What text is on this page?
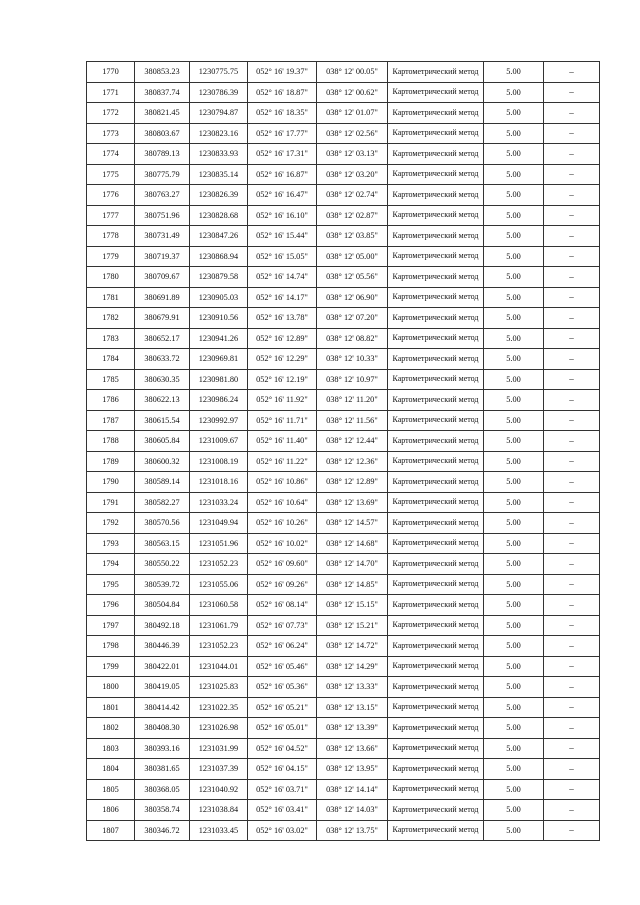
1770	380853.23	1230775.75	052° 16' 19.37"	038° 12' 00.05"	Картометрический метод	5.00	–
1771	380837.74	1230786.39	052° 16' 18.87"	038° 12' 00.62"	Картометрический метод	5.00	–
1772	380821.45	1230794.87	052° 16' 18.35"	038° 12' 01.07"	Картометрический метод	5.00	–
1773	380803.67	1230823.16	052° 16' 17.77"	038° 12' 02.56"	Картометрический метод	5.00	–
1774	380789.13	1230833.93	052° 16' 17.31"	038° 12' 03.13"	Картометрический метод	5.00	–
1775	380775.79	1230835.14	052° 16' 16.87"	038° 12' 03.20"	Картометрический метод	5.00	–
1776	380763.27	1230826.39	052° 16' 16.47"	038° 12' 02.74"	Картометрический метод	5.00	–
1777	380751.96	1230828.68	052° 16' 16.10"	038° 12' 02.87"	Картометрический метод	5.00	–
1778	380731.49	1230847.26	052° 16' 15.44"	038° 12' 03.85"	Картометрический метод	5.00	–
1779	380719.37	1230868.94	052° 16' 15.05"	038° 12' 05.00"	Картометрический метод	5.00	–
1780	380709.67	1230879.58	052° 16' 14.74"	038° 12' 05.56"	Картометрический метод	5.00	–
1781	380691.89	1230905.03	052° 16' 14.17"	038° 12' 06.90"	Картометрический метод	5.00	–
1782	380679.91	1230910.56	052° 16' 13.78"	038° 12' 07.20"	Картометрический метод	5.00	–
1783	380652.17	1230941.26	052° 16' 12.89"	038° 12' 08.82"	Картометрический метод	5.00	–
1784	380633.72	1230969.81	052° 16' 12.29"	038° 12' 10.33"	Картометрический метод	5.00	–
1785	380630.35	1230981.80	052° 16' 12.19"	038° 12' 10.97"	Картометрический метод	5.00	–
1786	380622.13	1230986.24	052° 16' 11.92"	038° 12' 11.20"	Картометрический метод	5.00	–
1787	380615.54	1230992.97	052° 16' 11.71"	038° 12' 11.56"	Картометрический метод	5.00	–
1788	380605.84	1231009.67	052° 16' 11.40"	038° 12' 12.44"	Картометрический метод	5.00	–
1789	380600.32	1231008.19	052° 16' 11.22"	038° 12' 12.36"	Картометрический метод	5.00	–
1790	380589.14	1231018.16	052° 16' 10.86"	038° 12' 12.89"	Картометрический метод	5.00	–
1791	380582.27	1231033.24	052° 16' 10.64"	038° 12' 13.69"	Картометрический метод	5.00	–
1792	380570.56	1231049.94	052° 16' 10.26"	038° 12' 14.57"	Картометрический метод	5.00	–
1793	380563.15	1231051.96	052° 16' 10.02"	038° 12' 14.68"	Картометрический метод	5.00	–
1794	380550.22	1231052.23	052° 16' 09.60"	038° 12' 14.70"	Картометрический метод	5.00	–
1795	380539.72	1231055.06	052° 16' 09.26"	038° 12' 14.85"	Картометрический метод	5.00	–
1796	380504.84	1231060.58	052° 16' 08.14"	038° 12' 15.15"	Картометрический метод	5.00	–
1797	380492.18	1231061.79	052° 16' 07.73"	038° 12' 15.21"	Картометрический метод	5.00	–
1798	380446.39	1231052.23	052° 16' 06.24"	038° 12' 14.72"	Картометрический метод	5.00	–
1799	380422.01	1231044.01	052° 16' 05.46"	038° 12' 14.29"	Картометрический метод	5.00	–
1800	380419.05	1231025.83	052° 16' 05.36"	038° 12' 13.33"	Картометрический метод	5.00	–
1801	380414.42	1231022.35	052° 16' 05.21"	038° 12' 13.15"	Картометрический метод	5.00	–
1802	380408.30	1231026.98	052° 16' 05.01"	038° 12' 13.39"	Картометрический метод	5.00	–
1803	380393.16	1231031.99	052° 16' 04.52"	038° 12' 13.66"	Картометрический метод	5.00	–
1804	380381.65	1231037.39	052° 16' 04.15"	038° 12' 13.95"	Картометрический метод	5.00	–
1805	380368.05	1231040.92	052° 16' 03.71"	038° 12' 14.14"	Картометрический метод	5.00	–
1806	380358.74	1231038.84	052° 16' 03.41"	038° 12' 14.03"	Картометрический метод	5.00	–
1807	380346.72	1231033.45	052° 16' 03.02"	038° 12' 13.75"	Картометрический метод	5.00	–
